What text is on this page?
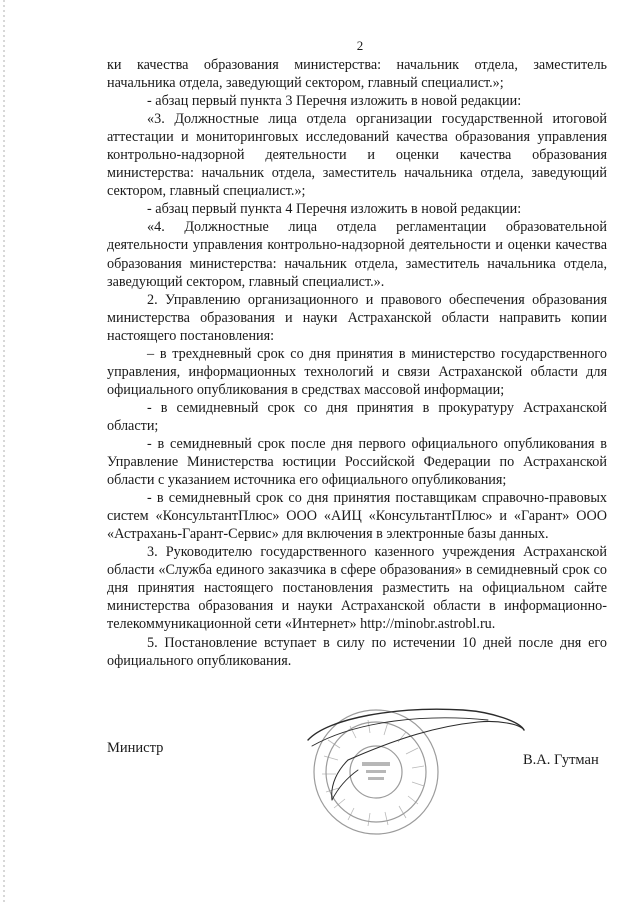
2

ки качества образования министерства: начальник отдела, заместитель начальника отдела, заведующий сектором, главный специалист.»;

- абзац первый пункта 3 Перечня изложить в новой редакции:

«3. Должностные лица отдела организации государственной итоговой аттестации и мониторинговых исследований качества образования управления контрольно-надзорной деятельности и оценки качества образования министерства: начальник отдела, заместитель начальника отдела, заведующий сектором, главный специалист.»;

- абзац первый пункта 4 Перечня изложить в новой редакции:

«4. Должностные лица отдела регламентации образовательной деятельности управления контрольно-надзорной деятельности и оценки качества образования министерства: начальник отдела, заместитель начальника отдела, заведующий сектором, главный специалист.».

2. Управлению организационного и правового обеспечения образования министерства образования и науки Астраханской области направить копии настоящего постановления:

– в трехдневный срок со дня принятия в министерство государственного управления, информационных технологий и связи Астраханской области для официального опубликования в средствах массовой информации;

- в семидневный срок со дня принятия в прокуратуру Астраханской области;

- в семидневный срок после дня первого официального опубликования в Управление Министерства юстиции Российской Федерации по Астраханской области с указанием источника его официального опубликования;

- в семидневный срок со дня принятия поставщикам справочно-правовых систем «КонсультантПлюс» ООО «АИЦ «КонсультантПлюс» и «Гарант» ООО «Астрахань-Гарант-Сервис» для включения в электронные базы данных.

3. Руководителю государственного казенного учреждения Астраханской области «Служба единого заказчика в сфере образования» в семидневный срок со дня принятия настоящего постановления разместить на официальном сайте министерства образования и науки Астраханской области в информационно-телекоммуникационной сети «Интернет» http://minobr.astrobl.ru.

5. Постановление вступает в силу по истечении 10 дней после дня его официального опубликования.

Министр
В.А. Гутман
